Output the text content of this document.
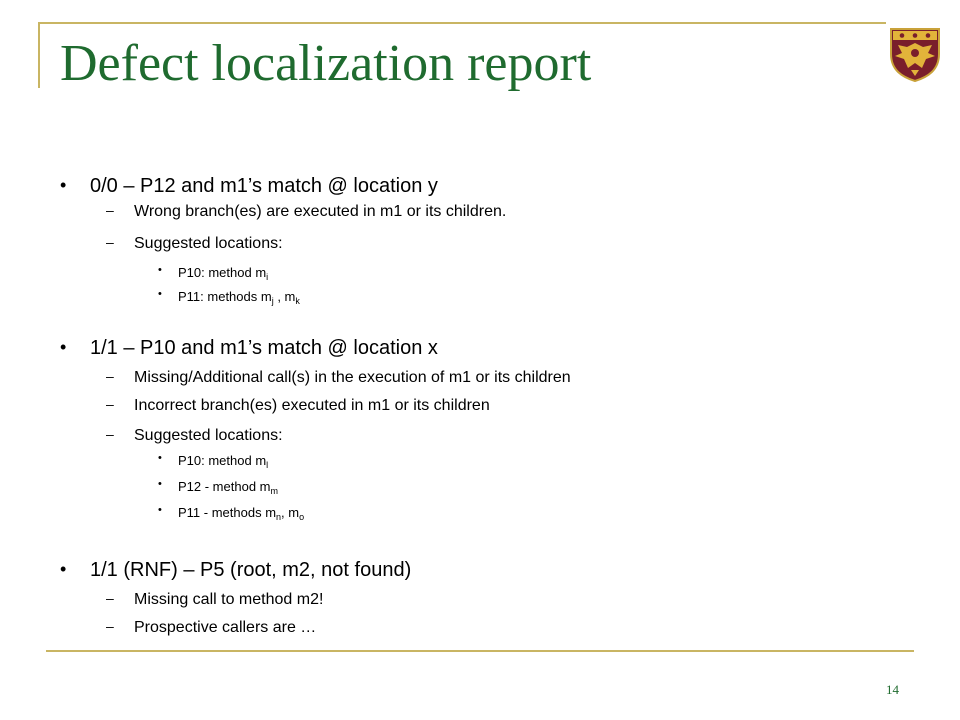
Defect localization report
• 0/0 – P12 and m1’s match @ location y
– Wrong branch(es) are executed in m1 or its children.
– Suggested locations:
• P10: method $m_i$
• P11: methods $m_j$ , $m_k$
• 1/1 – P10 and m1’s match @ location x
– Missing/Additional call(s) in the execution of m1 or its children
– Incorrect branch(es) executed in m1 or its children
– Suggested locations:
• P10: method $m_l$
• P12 - method $m_m$
• P11 - methods $m_n$, $m_o$
• 1/1 (RNF) – P5 (root, m2, not found)
– Missing call to method m2!
– Prospective callers are …
14
